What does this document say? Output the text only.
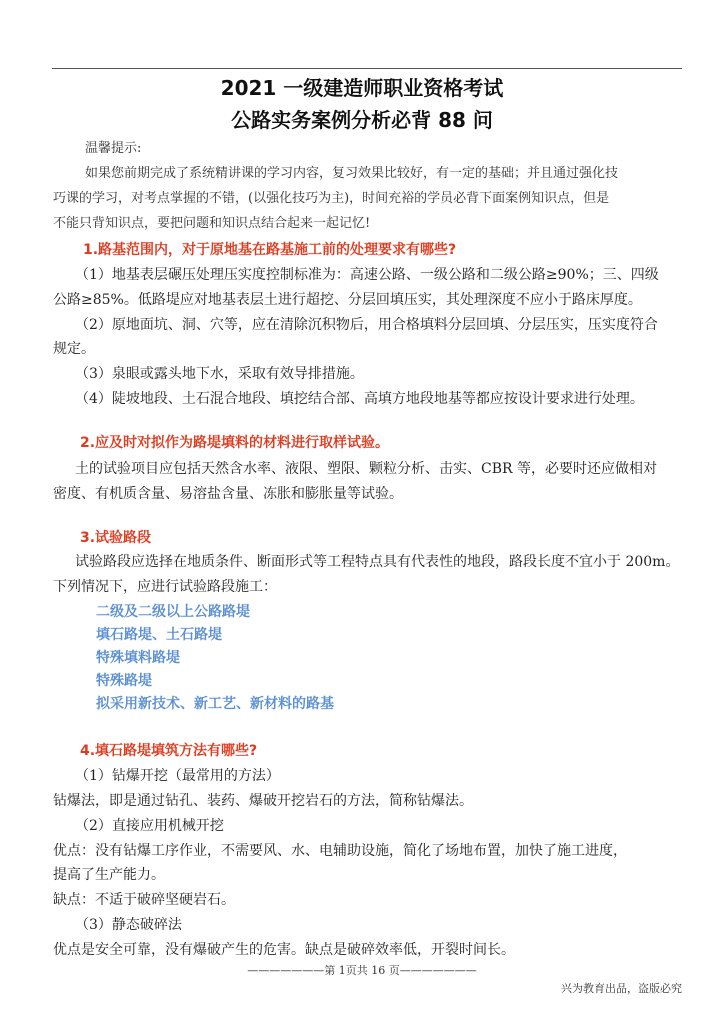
2021 一级建造师职业资格考试
公路实务案例分析必背 88 问
温馨提示:
如果您前期完成了系统精讲课的学习内容，复习效果比较好，有一定的基础；并且通过强化技
巧课的学习，对考点掌握的不错，(以强化技巧为主)，时间充裕的学员必背下面案例知识点，但是
不能只背知识点，要把问题和知识点结合起来一起记忆!
1.路基范围内，对于原地基在路基施工前的处理要求有哪些?
（1）地基表层碾压处理压实度控制标准为：高速公路、一级公路和二级公路≥90%；三、四级
公路≥85%。低路堤应对地基表层土进行超挖、分层回填压实，其处理深度不应小于路床厚度。
（2）原地面坑、洞、穴等，应在清除沉积物后，用合格填料分层回填、分层压实，压实度符合
规定。
（3）泉眼或露头地下水，采取有效导排措施。
（4）陡坡地段、土石混合地段、填挖结合部、高填方地段地基等都应按设计要求进行处理。
2.应及时对拟作为路堤填料的材料进行取样试验。
土的试验项目应包括天然含水率、液限、塑限、颗粒分析、击实、CBR 等，必要时还应做相对
密度、有机质含量、易溶盐含量、冻胀和膨胀量等试验。
3.试验路段
试验路段应选择在地质条件、断面形式等工程特点具有代表性的地段，路段长度不宜小于 200m。
下列情况下，应进行试验路段施工：
二级及二级以上公路路堤
填石路堤、土石路堤
特殊填料路堤
特殊路堤
拟采用新技术、新工艺、新材料的路基
4.填石路堤填筑方法有哪些?
（1）钻爆开挖（最常用的方法）
钻爆法，即是通过钻孔、装药、爆破开挖岩石的方法，简称钻爆法。
（2）直接应用机械开挖
优点：没有钻爆工序作业，不需要风、水、电辅助设施，简化了场地布置，加快了施工进度，
提高了生产能力。
缺点：不适于破碎坚硬岩石。
（3）静态破碎法
优点是安全可靠，没有爆破产生的危害。缺点是破碎效率低，开裂时间长。
———————第 1页共 16 页———————
兴为教育出品，盗版必究
